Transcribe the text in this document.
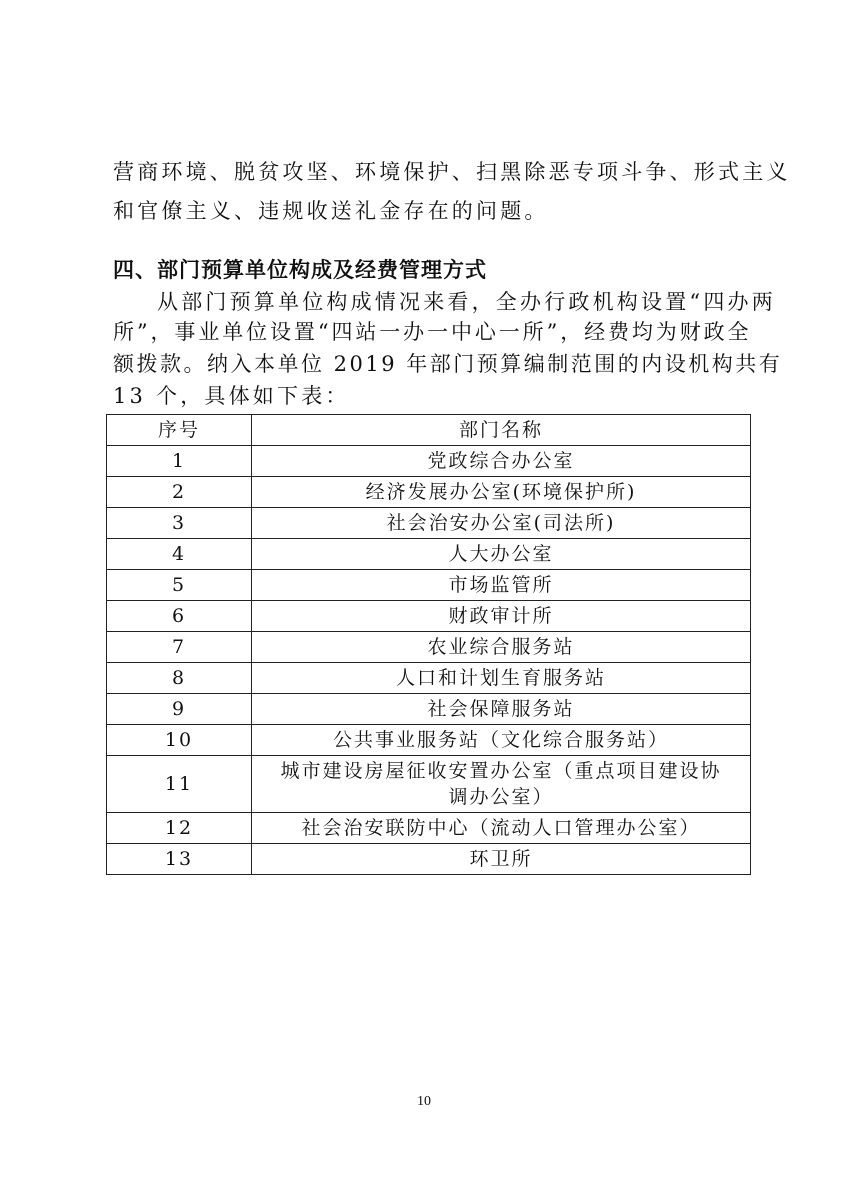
营商环境、脱贫攻坚、环境保护、扫黑除恶专项斗争、形式主义
和官僚主义、违规收送礼金存在的问题。
四、部门预算单位构成及经费管理方式
从部门预算单位构成情况来看，全办行政机构设置“四办两
所”，事业单位设置“四站一办一中心一所”，经费均为财政全
额拨款。纳入本单位 2019 年部门预算编制范围的内设机构共有
13 个，具体如下表：
序号	部门名称
1	党政综合办公室
2	经济发展办公室(环境保护所)
3	社会治安办公室(司法所)
4	人大办公室
5	市场监管所
6	财政审计所
7	农业综合服务站
8	人口和计划生育服务站
9	社会保障服务站
10	公共事业服务站（文化综合服务站）
11	城市建设房屋征收安置办公室（重点项目建设协
调办公室）

12	社会治安联防中心（流动人口管理办公室）
13	环卫所
10
